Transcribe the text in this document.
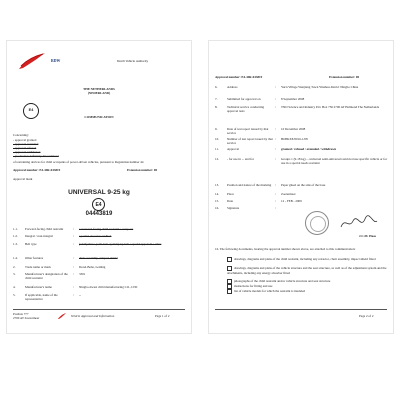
RDW	Dutch Vehicle Authority
THE NETHERLANDS
(NEDERLAND)
E4
COMMUNICATION
Concerning:
- approval granted
- approval extended
- approval refused
- approval withdrawn
- production definitely discontinued
of restraining devices for child occupants of power-driven vehicles, pursuant to Regulation number 44
Approval number: E4-44R-043819	Extension number: 00
Approval mark
UNIVERSAL 9-25 kg
E4
04443819
1.1. Forward-facing child restraint	: / rearward-facing child restraint / carry cot
1.2. Integral / non-integral	: / partial / booster cushion
1.3. Belt type	: (adult) three-point belt / (adult) lap belt / special type belt / other
1.4. Other features	: chair assembly / impact shield
2.	Trade name or mark	: Dorel-Bebe, Leiding
3.	Manufacturer's designation of the child restraint
: 3301
4.	Manufacturer's name	: Ningbo-tiwest child manufacturing CO., LTD
5.	If applicable, name of the representative
: --
Postbus 777
2700 AT Zoetermeer	Vehicle Approval and Information	Page 1 of 2
Approval number: E4-44R-043819	Extension number: 00
6.	Address	: Yucn Village Wenjiang Town Yinzhou district Ningbo China
7.	Submitted for approval on	: 8 September 2008
8.	Technical service conducting approval tests
: TNO Science and Industry P.O. Box 756 2700 AT Helmond The Netherlands
9.	Date of test report issued by that service
: 10 December 2008
10.	Number of test report issued by that service
: BO8KXE/0016-1/08
11.	Approval	: granted / refused / extended / withdrawn
12.	- for use in ... and for	: Groups 1 (9-18 kg) ... universal semi-universal restricted use specific vehicle or for use in a special needs restraint
13.	Position and nature of the marking	: Paper glued on the side of the base
14.	Place	: Zoetermeer
15.	Date	: 12 - FEB - 2009
16.	Signature	:
J.C.M. Haas
16. The following documents, bearing the approval number shown above, are attached to this communication:
drawings, diagrams and plans of the child restraint, including any retractor, chair assembly, impact shield fitted
drawings, diagrams and plans of the vehicle structure and the seat structure, as well as of the adjustment system and the attachments, including any energy absorber fitted
photographs of the child restraint and/or vehicle structure and seat structure
instructions for fitting and use
list of vehicle models for which the restraint is intended
Page 2 of 2
